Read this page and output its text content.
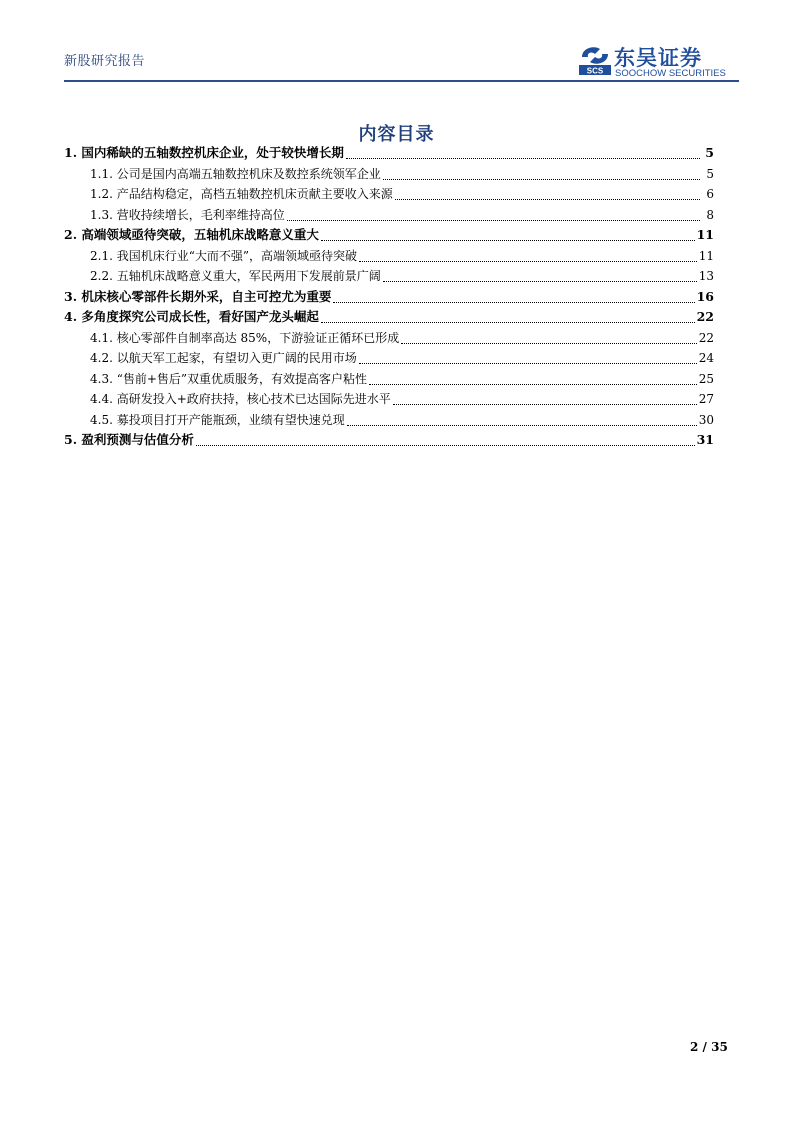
新股研究报告
SCS
东吴证券
SOOCHOW SECURITIES
内容目录
1. 国内稀缺的五轴数控机床企业，处于较快增长期	5
1.1. 公司是国内高端五轴数控机床及数控系统领军企业	5
1.2. 产品结构稳定，高档五轴数控机床贡献主要收入来源	6
1.3. 营收持续增长，毛利率维持高位	8
2. 高端领域亟待突破，五轴机床战略意义重大	11
2.1. 我国机床行业“大而不强”，高端领域亟待突破	11
2.2. 五轴机床战略意义重大，军民两用下发展前景广阔	13
3. 机床核心零部件长期外采，自主可控尤为重要	16
4. 多角度探究公司成长性，看好国产龙头崛起	22
4.1. 核心零部件自制率高达 85%，下游验证正循环已形成	22
4.2. 以航天军工起家，有望切入更广阔的民用市场	24
4.3. “售前+售后”双重优质服务，有效提高客户粘性	25
4.4. 高研发投入+政府扶持，核心技术已达国际先进水平	27
4.5. 募投项目打开产能瓶颈，业绩有望快速兑现	30
5. 盈利预测与估值分析	31
2 / 35
